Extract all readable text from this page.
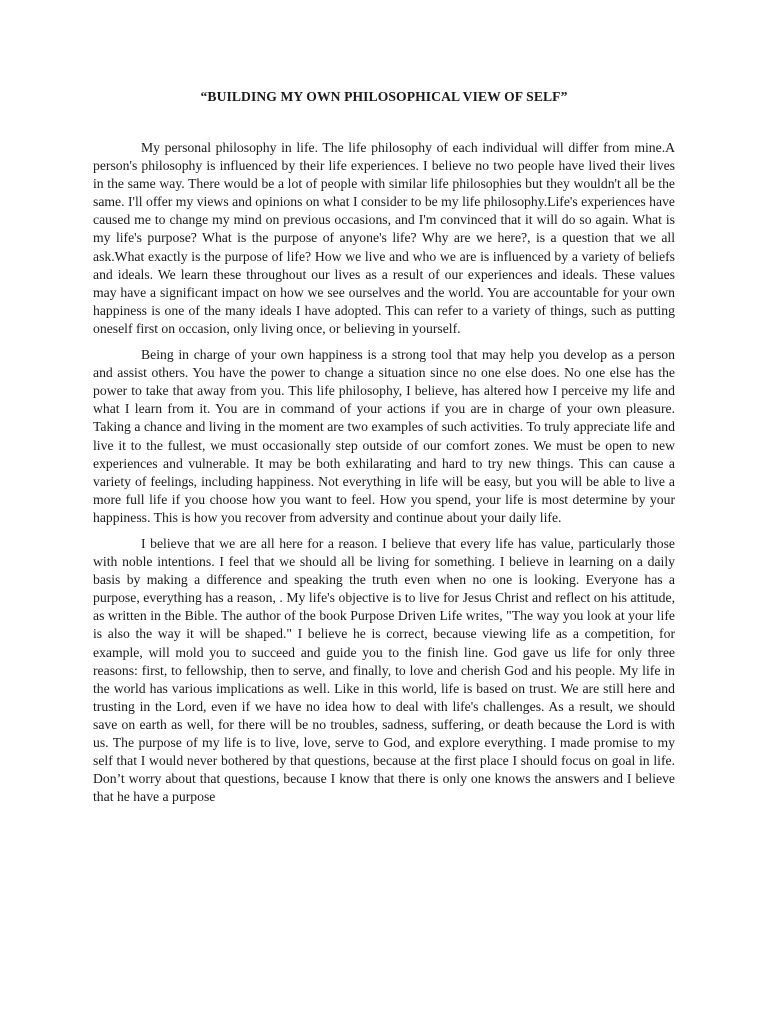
“BUILDING MY OWN PHILOSOPHICAL VIEW OF SELF”

My personal philosophy in life. The life philosophy of each individual will differ from mine.A person's philosophy is influenced by their life experiences. I believe no two people have lived their lives in the same way. There would be a lot of people with similar life philosophies but they wouldn't all be the same. I'll offer my views and opinions on what I consider to be my life philosophy.Life's experiences have caused me to change my mind on previous occasions, and I'm convinced that it will do so again. What is my life's purpose? What is the purpose of anyone's life? Why are we here?, is a question that we all ask.What exactly is the purpose of life? How we live and who we are is influenced by a variety of beliefs and ideals. We learn these throughout our lives as a result of our experiences and ideals. These values may have a significant impact on how we see ourselves and the world. You are accountable for your own happiness is one of the many ideals I have adopted. This can refer to a variety of things, such as putting oneself first on occasion, only living once, or believing in yourself.

Being in charge of your own happiness is a strong tool that may help you develop as a person and assist others. You have the power to change a situation since no one else does. No one else has the power to take that away from you. This life philosophy, I believe, has altered how I perceive my life and what I learn from it. You are in command of your actions if you are in charge of your own pleasure. Taking a chance and living in the moment are two examples of such activities. To truly appreciate life and live it to the fullest, we must occasionally step outside of our comfort zones. We must be open to new experiences and vulnerable. It may be both exhilarating and hard to try new things. This can cause a variety of feelings, including happiness. Not everything in life will be easy, but you will be able to live a more full life if you choose how you want to feel. How you spend, your life is most determine by your happiness. This is how you recover from adversity and continue about your daily life.

I believe that we are all here for a reason. I believe that every life has value, particularly those with noble intentions. I feel that we should all be living for something. I believe in learning on a daily basis by making a difference and speaking the truth even when no one is looking. Everyone has a purpose, everything has a reason, . My life's objective is to live for Jesus Christ and reflect on his attitude, as written in the Bible. The author of the book Purpose Driven Life writes, "The way you look at your life is also the way it will be shaped." I believe he is correct, because viewing life as a competition, for example, will mold you to succeed and guide you to the finish line. God gave us life for only three reasons: first, to fellowship, then to serve, and finally, to love and cherish God and his people. My life in the world has various implications as well. Like in this world, life is based on trust. We are still here and trusting in the Lord, even if we have no idea how to deal with life's challenges. As a result, we should save on earth as well, for there will be no troubles, sadness, suffering, or death because the Lord is with us. The purpose of my life is to live, love, serve to God, and explore everything. I made promise to my self that I would never bothered by that questions, because at the first place I should focus on goal in life. Don’t worry about that questions, because I know that there is only one knows the answers and I believe that he have a purpose
